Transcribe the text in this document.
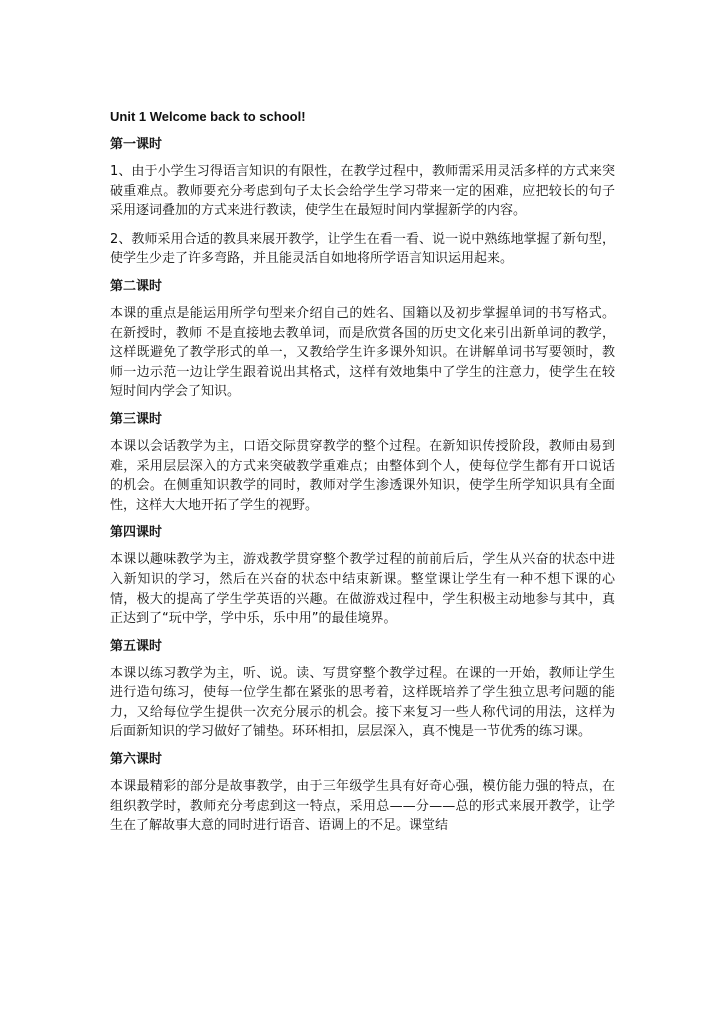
Unit 1 Welcome back to school!
第一课时

1、由于小学生习得语言知识的有限性，在教学过程中，教师需采用灵活多样的方式来突破重难点。教师要充分考虑到句子太长会给学生学习带来一定的困难，应把较长的句子采用逐词叠加的方式来进行教读，使学生在最短时间内掌握新学的内容。

2、教师采用合适的教具来展开教学，让学生在看一看、说一说中熟练地掌握了新句型，使学生少走了许多弯路，并且能灵活自如地将所学语言知识运用起来。

第二课时

本课的重点是能运用所学句型来介绍自己的姓名、国籍以及初步掌握单词的书写格式。在新授时，教师 不是直接地去教单词，而是欣赏各国的历史文化来引出新单词的教学，这样既避免了教学形式的单一，又教给学生许多课外知识。在讲解单词书写要领时，教师一边示范一边让学生跟着说出其格式，这样有效地集中了学生的注意力，使学生在较短时间内学会了知识。

第三课时

本课以会话教学为主，口语交际贯穿教学的整个过程。在新知识传授阶段，教师由易到难，采用层层深入的方式来突破教学重难点；由整体到个人，使每位学生都有开口说话的机会。在侧重知识教学的同时，教师对学生渗透课外知识，使学生所学知识具有全面性，这样大大地开拓了学生的视野。

第四课时

本课以趣味教学为主，游戏教学贯穿整个教学过程的前前后后，学生从兴奋的状态中进入新知识的学习，然后在兴奋的状态中结束新课。整堂课让学生有一种不想下课的心情，极大的提高了学生学英语的兴趣。在做游戏过程中，学生积极主动地参与其中，真正达到了“玩中学，学中乐，乐中用”的最佳境界。

第五课时

本课以练习教学为主，听、说。读、写贯穿整个教学过程。在课的一开始，教师让学生进行造句练习，使每一位学生都在紧张的思考着，这样既培养了学生独立思考问题的能力，又给每位学生提供一次充分展示的机会。接下来复习一些人称代词的用法，这样为后面新知识的学习做好了铺垫。环环相扣，层层深入，真不愧是一节优秀的练习课。

第六课时

本课最精彩的部分是故事教学，由于三年级学生具有好奇心强，模仿能力强的特点，在组织教学时，教师充分考虑到这一特点，采用总——分——总的形式来展开教学，让学生在了解故事大意的同时进行语音、语调上的不足。课堂结
